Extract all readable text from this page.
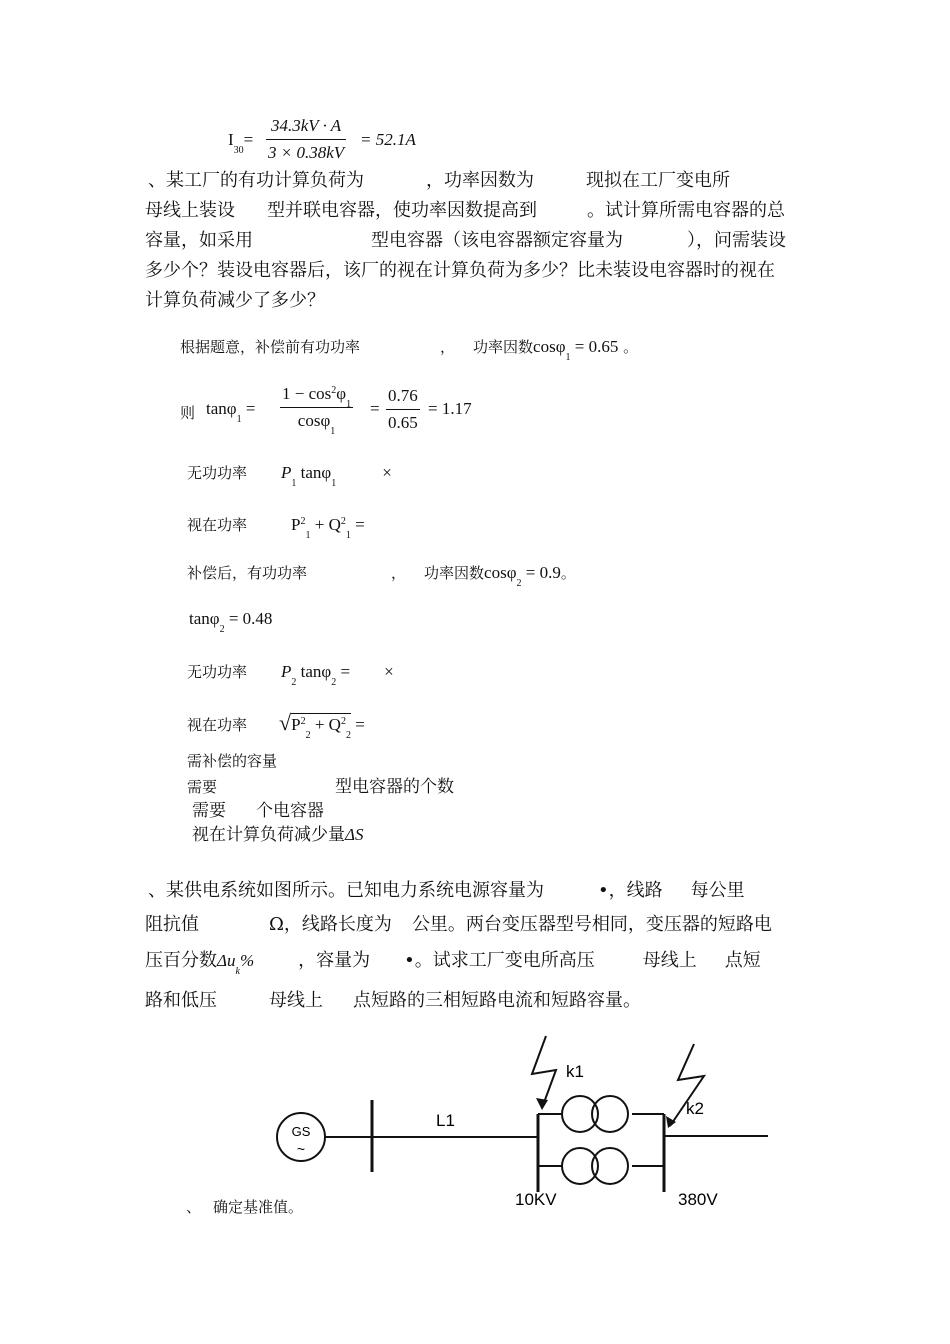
$I_{30}= \frac{34.3kV \cdot A}{3 \times 0.38kV} = 52.1A$
、某工厂的有功计算负荷为	，功率因数为	现拟在工厂变电所
母线上装设 型并联电容器，使功率因数提高到	。试计算所需电容器的总
容量，如采用	型电容器（该电容器额定容量为	），问需装设
多少个？装设电容器后，该厂的视在计算负荷为多少？比未装设电容器时的视在
计算负荷减少了多少？
根据题意，补偿前有功功率	， 功率因数cosφ$_1$ = 0.65 。
则 $\tan\varphi_1 = \frac{1 - \cos^2\varphi_1}{\cos\varphi_1} = \frac{0.76}{0.65} = 1.17$
无功功率 $P_1$ tanφ$_1$×
视在功率	$P^2_1 + Q^2_1$ =
补偿后，有功功率	， 功率因数cosφ$_2$ = 0.9。
tanφ$_2$ = 0.48
无功功率 $P_2$ tanφ$_2$ = ×
视在功率 $√P^2_2 + Q^2_2$ =
需补偿的容量
需要	型电容器的个数
需要 个电容器
视在计算负荷减少量ΔS
、某供电系统如图所示。已知电力系统电源容量为	•，线路 每公里
阻抗值	Ω，线路长度为 公里。两台变压器型号相同，变压器的短路电
压百分数$\Delta u_k\%$ ，容量为 •。试求工厂变电所高压	母线上 点短
路和低压	母线上 点短路的三相短路电流和短路容量。
GS
~
L1
k1
k2
10KV	380V
、 确定基准值。
